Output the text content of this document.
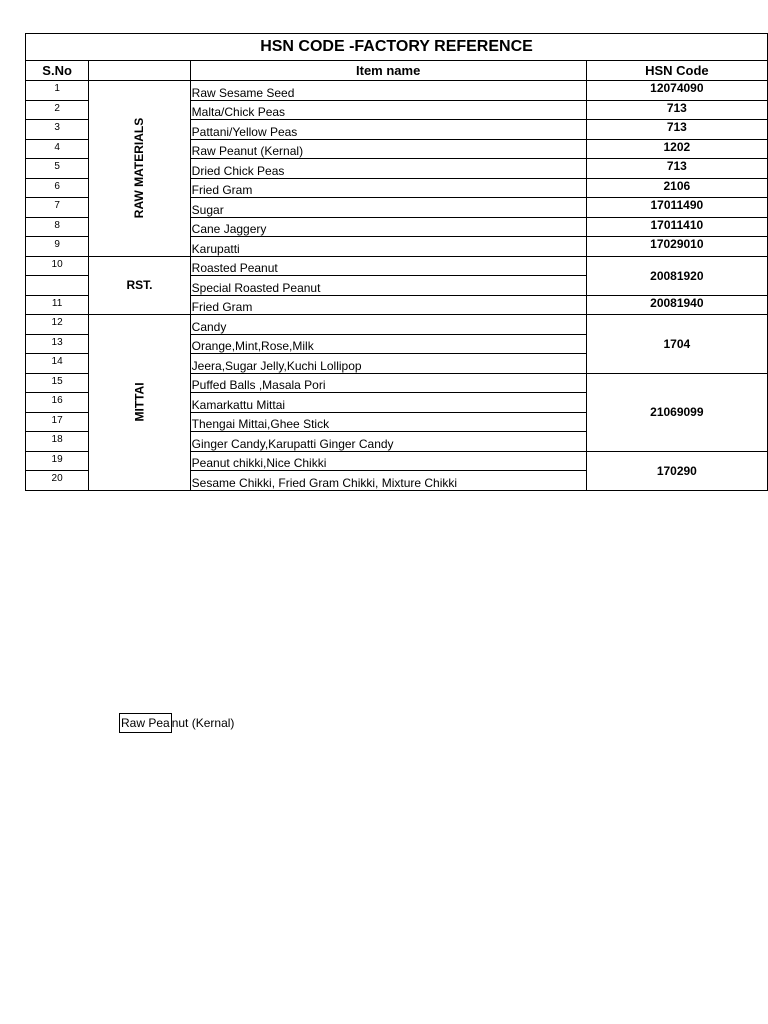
HSN CODE -FACTORY REFERENCE			
S.No		Item name	HSN Code
1	RAW MATERIALS	Raw Sesame Seed	12074090
2		Malta/Chick Peas	713
3		Pattani/Yellow Peas	713
4		Raw Peanut (Kernal)	1202
5		Dried Chick Peas	713
6		Fried Gram	2106
7		Sugar	17011490
8		Cane Jaggery	17011410
9		Karupatti	17029010
10	RST.	Roasted Peanut	20081920
		Special Roasted Peanut	
11		Fried Gram	20081940
12	MITTAI	Candy	1704
13		Orange,Mint,Rose,Milk	
14		Jeera,Sugar Jelly,Kuchi Lollipop	
15		Puffed Balls ,Masala Pori	21069099
16		Kamarkattu Mittai	
17		Thengai Mittai,Ghee Stick	
18		Ginger Candy,Karupatti Ginger Candy	
19		Peanut chikki,Nice Chikki	170290
20		Sesame Chikki, Fried Gram Chikki, Mixture Chikki	
Raw Pea nut (Kernal)
